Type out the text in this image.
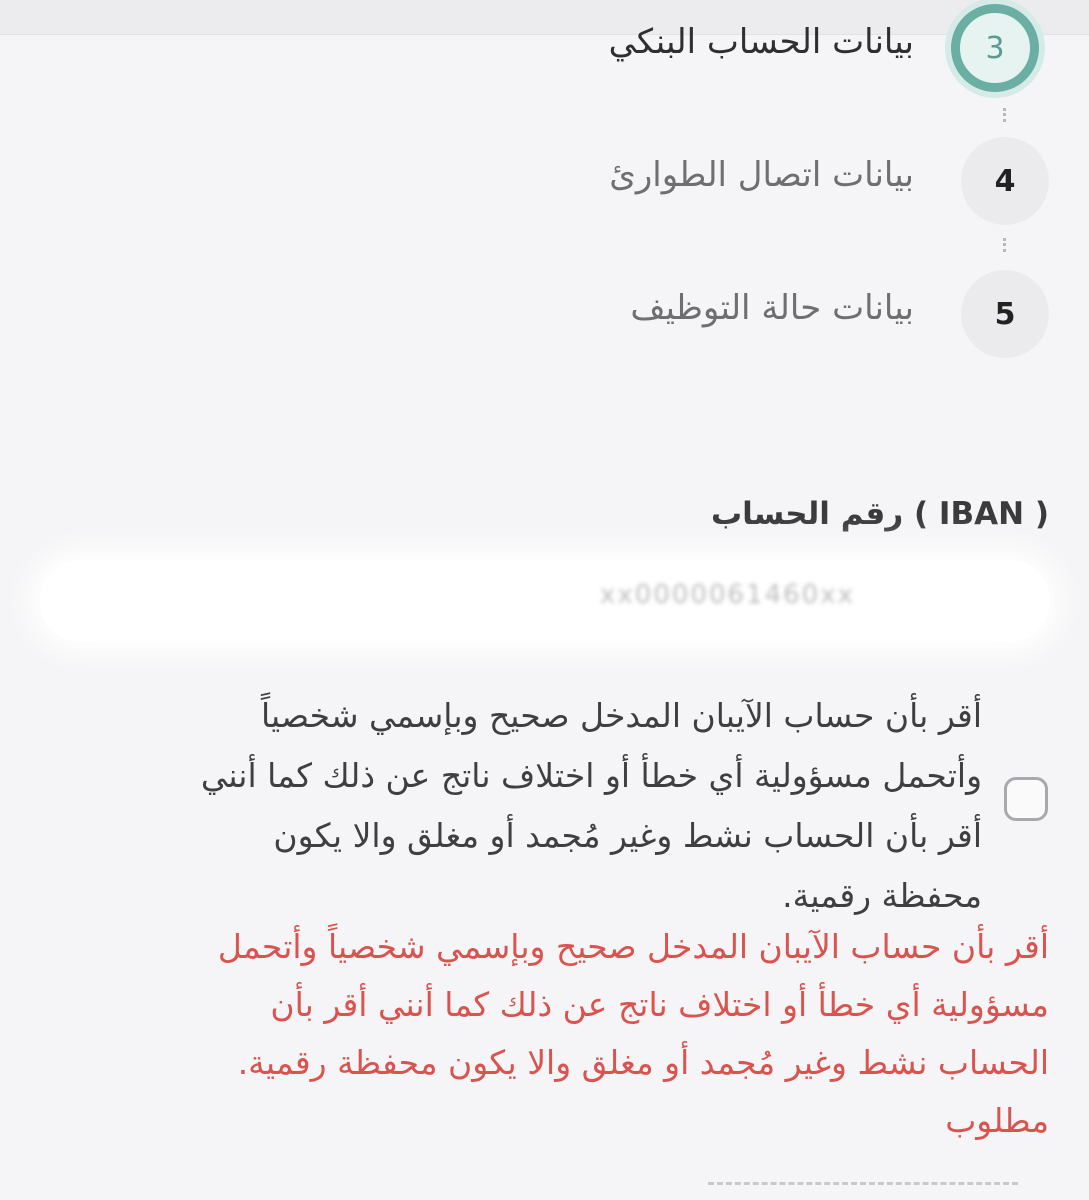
3
بيانات الحساب البنكي
4
بيانات اتصال الطوارئ
5
بيانات حالة التوظيف
( IBAN ) رقم الحساب
xx0000061460xx
أقر بأن حساب الآيبان المدخل صحيح وبإسمي شخصياً
وأتحمل مسؤولية أي خطأ أو اختلاف ناتج عن ذلك كما أنني
أقر بأن الحساب نشط وغير مُجمد أو مغلق والا يكون
محفظة رقمية.
أقر بأن حساب الآيبان المدخل صحيح وبإسمي شخصياً وأتحمل
مسؤولية أي خطأ أو اختلاف ناتج عن ذلك كما أنني أقر بأن
الحساب نشط وغير مُجمد أو مغلق والا يكون محفظة رقمية.
مطلوب
